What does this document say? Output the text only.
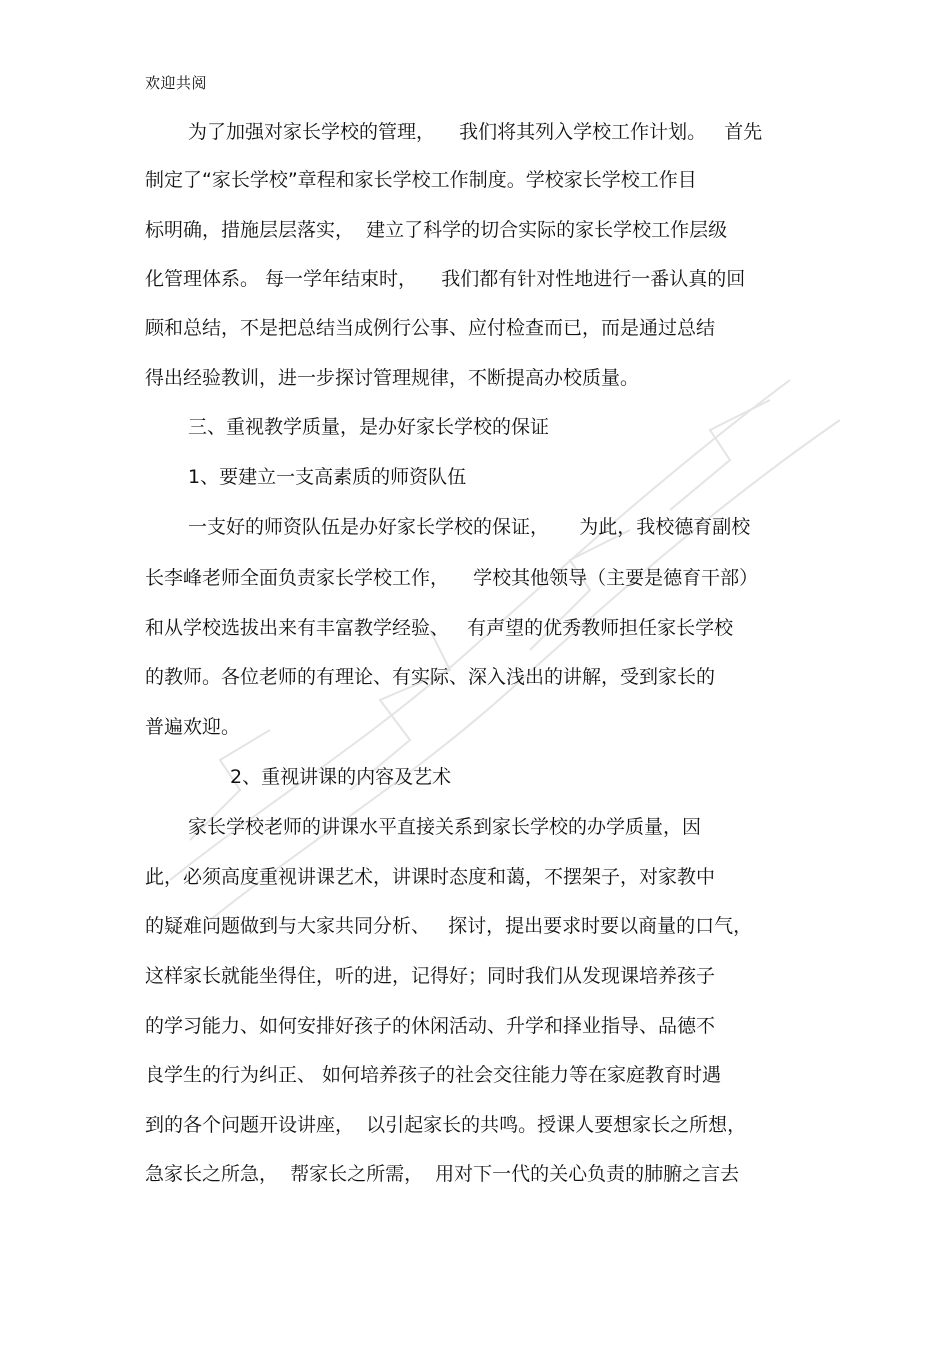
欢迎共阅
为了加强对家长学校的管理，    我们将其列入学校工作计划。   首先
制定了“家长学校”章程和家长学校工作制度。学校家长学校工作目
标明确，措施层层落实，  建立了科学的切合实际的家长学校工作层级
化管理体系。 每一学年结束时，    我们都有针对性地进行一番认真的回
顾和总结，不是把总结当成例行公事、应付检查而已，而是通过总结
得出经验教训，进一步探讨管理规律，不断提高办校质量。
三、重视教学质量，是办好家长学校的保证
1、要建立一支高素质的师资队伍
一支好的师资队伍是办好家长学校的保证，     为此，我校德育副校
长李峰老师全面负责家长学校工作，    学校其他领导（主要是德育干部）
和从学校选拔出来有丰富教学经验、   有声望的优秀教师担任家长学校
的教师。各位老师的有理论、有实际、深入浅出的讲解，受到家长的
普遍欢迎。
2、重视讲课的内容及艺术
家长学校老师的讲课水平直接关系到家长学校的办学质量，因
此，必须高度重视讲课艺术，讲课时态度和蔼，不摆架子，对家教中
的疑难问题做到与大家共同分析、   探讨，提出要求时要以商量的口气，
这样家长就能坐得住，听的进，记得好；同时我们从发现课培养孩子
的学习能力、如何安排好孩子的休闲活动、升学和择业指导、品德不
良学生的行为纠正、 如何培养孩子的社会交往能力等在家庭教育时遇
到的各个问题开设讲座，  以引起家长的共鸣。授课人要想家长之所想，
急家长之所急，  帮家长之所需，  用对下一代的关心负责的肺腑之言去
